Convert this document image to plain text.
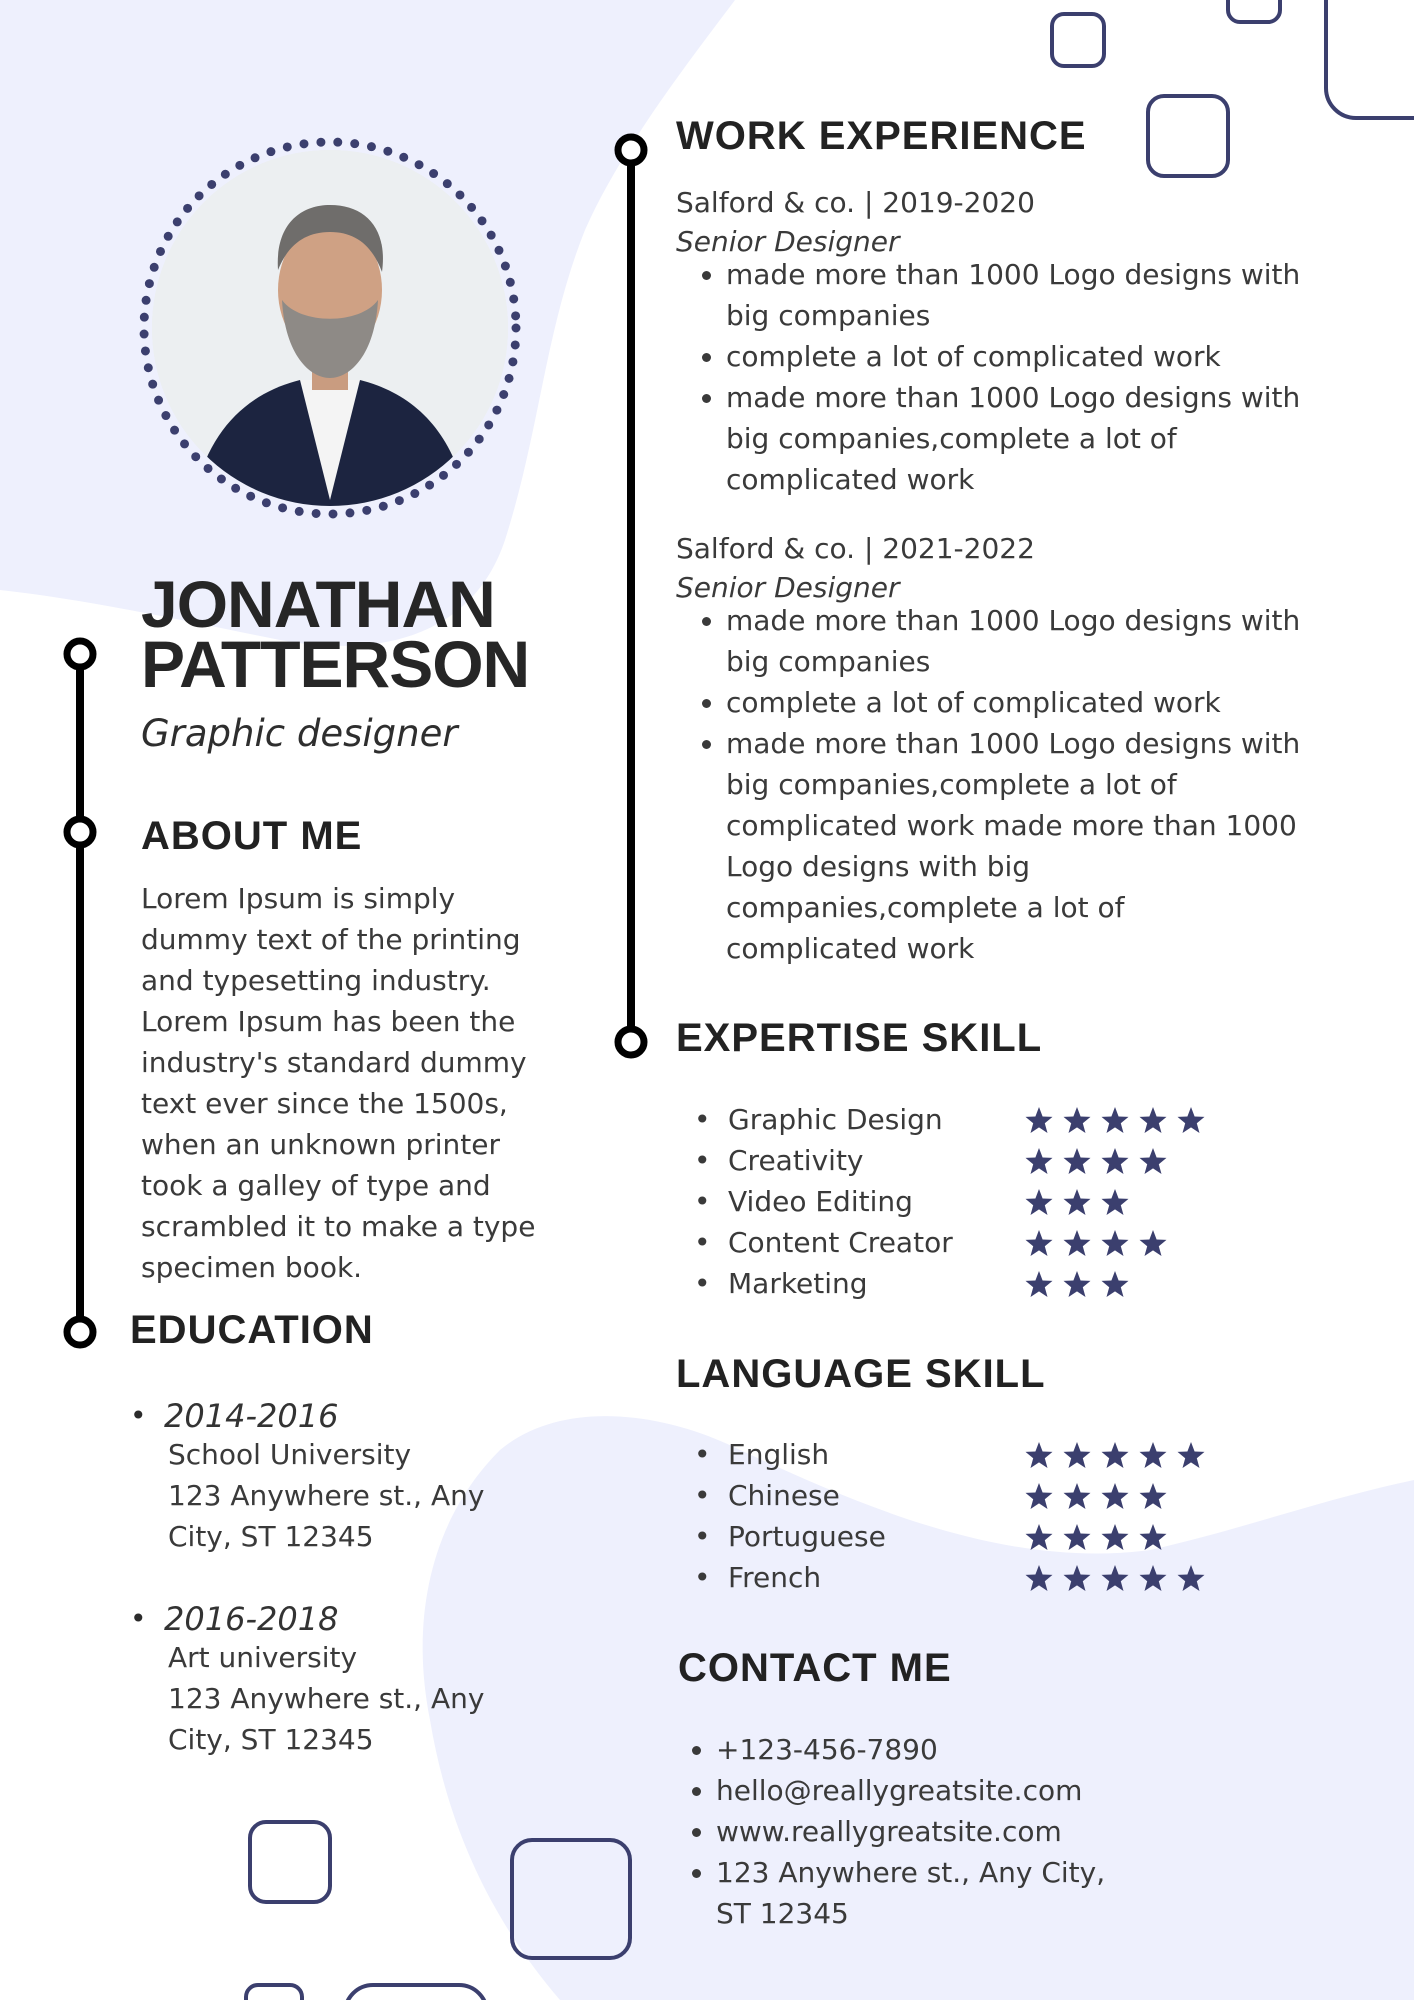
JONATHAN
PATTERSON
Graphic designer
ABOUT ME
Lorem Ipsum is simply
dummy text of the printing
and typesetting industry.
Lorem Ipsum has been the
industry's standard dummy
text ever since the 1500s,
when an unknown printer
took a galley of type and
scrambled it to make a type
specimen book.
EDUCATION
• 2014-2016
School University
123 Anywhere st., Any
City, ST 12345
• 2016-2018
Art university
123 Anywhere st., Any
City, ST 12345
WORK EXPERIENCE
Salford & co. | 2019-2020
Senior Designer
• made more than 1000 Logo designs with
big companies
• complete a lot of complicated work
• made more than 1000 Logo designs with
big companies,complete a lot of
complicated work
Salford & co. | 2021-2022
Senior Designer
• made more than 1000 Logo designs with
big companies
• complete a lot of complicated work
• made more than 1000 Logo designs with
big companies,complete a lot of
complicated work made more than 1000
Logo designs with big
companies,complete a lot of
complicated work
EXPERTISE SKILL
• Graphic Design
• Creativity
• Video Editing
• Content Creator
• Marketing
LANGUAGE SKILL
• English
• Chinese
• Portuguese
• French
CONTACT ME
• +123-456-7890
• hello@reallygreatsite.com
• www.reallygreatsite.com
• 123 Anywhere st., Any City,
ST 12345
